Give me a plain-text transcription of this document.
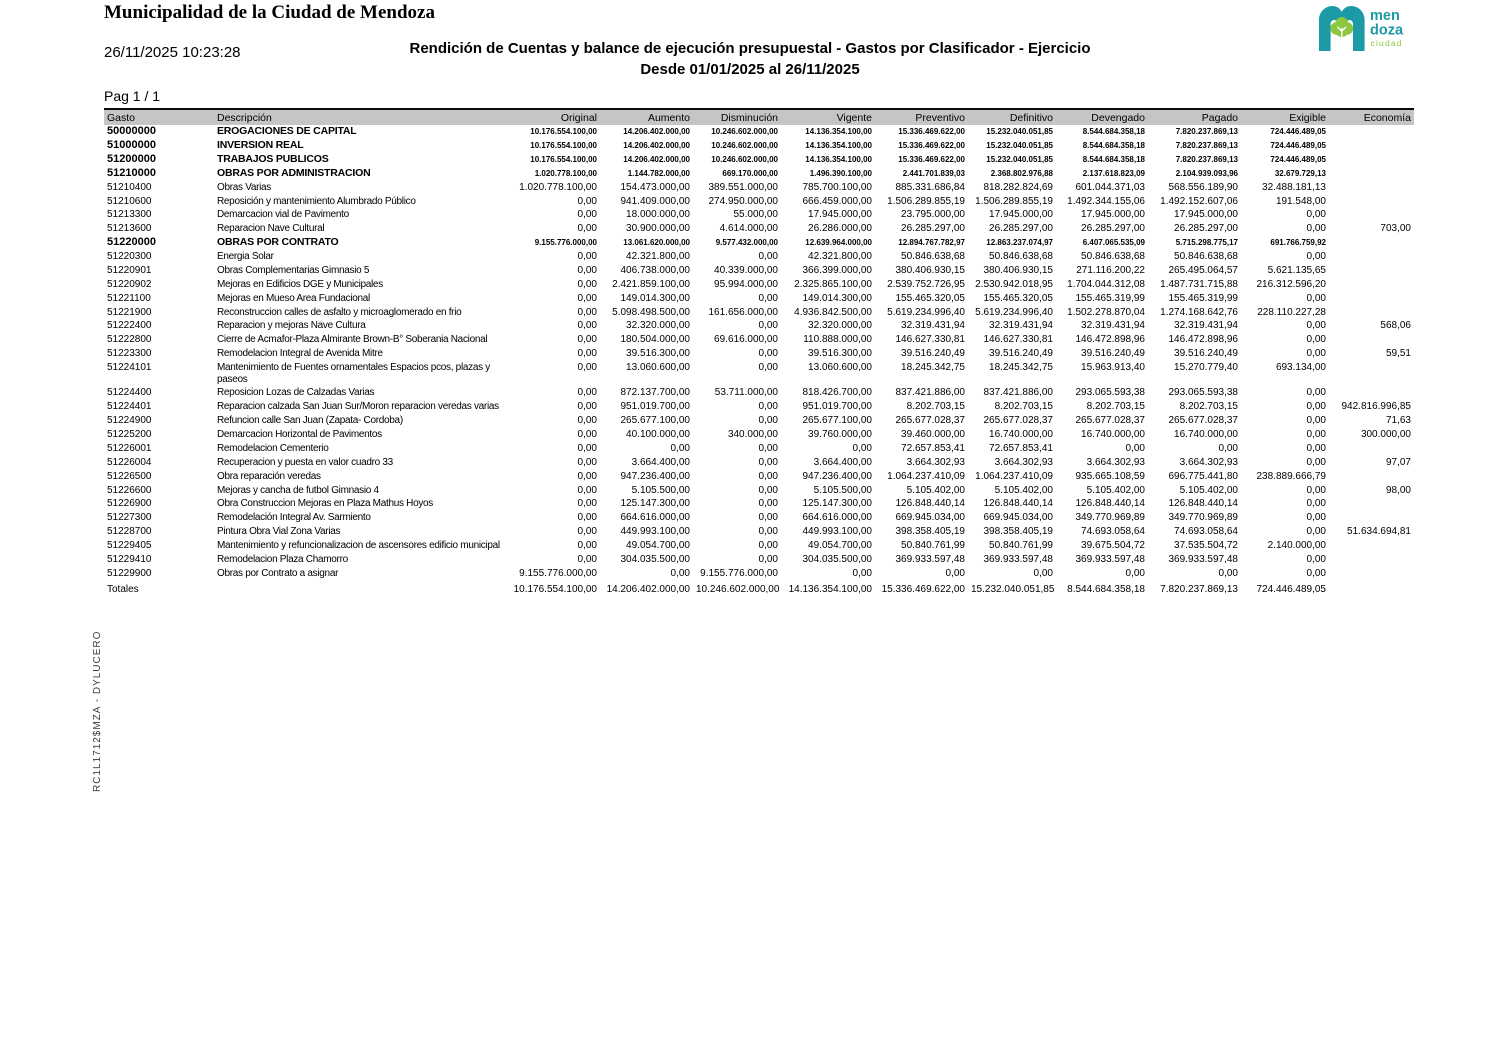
Municipalidad de la Ciudad de Mendoza	men
doza
ciudad
26/11/2025 10:23:28	Rendición de Cuentas y balance de ejecución presupuestal - Gastos por Clasificador - Ejercicio
Desde 01/01/2025 al 26/11/2025
Pag 1 / 1
Gasto	Descripción	Original	Aumento	Disminución	Vigente	Preventivo	Definitivo	Devengado	Pagado	Exigible	Economía
50000000	EROGACIONES DE CAPITAL	10.176.554.100,00	14.206.402.000,00	10.246.602.000,00	14.136.354.100,00	15.336.469.622,00	15.232.040.051,85	8.544.684.358,18	7.820.237.869,13	724.446.489,05	
51000000	INVERSION REAL	10.176.554.100,00	14.206.402.000,00	10.246.602.000,00	14.136.354.100,00	15.336.469.622,00	15.232.040.051,85	8.544.684.358,18	7.820.237.869,13	724.446.489,05	
51200000	TRABAJOS PUBLICOS	10.176.554.100,00	14.206.402.000,00	10.246.602.000,00	14.136.354.100,00	15.336.469.622,00	15.232.040.051,85	8.544.684.358,18	7.820.237.869,13	724.446.489,05	
51210000	OBRAS POR ADMINISTRACION	1.020.778.100,00	1.144.782.000,00	669.170.000,00	1.496.390.100,00	2.441.701.839,03	2.368.802.976,88	2.137.618.823,09	2.104.939.093,96	32.679.729,13	
51210400	Obras Varias	1.020.778.100,00	154.473.000,00	389.551.000,00	785.700.100,00	885.331.686,84	818.282.824,69	601.044.371,03	568.556.189,90	32.488.181,13	
51210600	Reposición y mantenimiento Alumbrado Público	0,00	941.409.000,00	274.950.000,00	666.459.000,00	1.506.289.855,19	1.506.289.855,19	1.492.344.155,06	1.492.152.607,06	191.548,00	
51213300	Demarcacion vial de Pavimento	0,00	18.000.000,00	55.000,00	17.945.000,00	23.795.000,00	17.945.000,00	17.945.000,00	17.945.000,00	0,00	
51213600	Reparacion Nave Cultural	0,00	30.900.000,00	4.614.000,00	26.286.000,00	26.285.297,00	26.285.297,00	26.285.297,00	26.285.297,00	0,00	703,00
51220000	OBRAS POR CONTRATO	9.155.776.000,00	13.061.620.000,00	9.577.432.000,00	12.639.964.000,00	12.894.767.782,97	12.863.237.074,97	6.407.065.535,09	5.715.298.775,17	691.766.759,92	
51220300	Energia Solar	0,00	42.321.800,00	0,00	42.321.800,00	50.846.638,68	50.846.638,68	50.846.638,68	50.846.638,68	0,00	
51220901	Obras Complementarias Gimnasio 5	0,00	406.738.000,00	40.339.000,00	366.399.000,00	380.406.930,15	380.406.930,15	271.116.200,22	265.495.064,57	5.621.135,65	
51220902	Mejoras en Edificios DGE y Municipales	0,00	2.421.859.100,00	95.994.000,00	2.325.865.100,00	2.539.752.726,95	2.530.942.018,95	1.704.044.312,08	1.487.731.715,88	216.312.596,20	
51221100	Mejoras en Mueso Area Fundacional	0,00	149.014.300,00	0,00	149.014.300,00	155.465.320,05	155.465.320,05	155.465.319,99	155.465.319,99	0,00	
51221900	Reconstruccion calles de asfalto y microaglomerado en frio	0,00	5.098.498.500,00	161.656.000,00	4.936.842.500,00	5.619.234.996,40	5.619.234.996,40	1.502.278.870,04	1.274.168.642,76	228.110.227,28	
51222400	Reparacion y mejoras Nave Cultura	0,00	32.320.000,00	0,00	32.320.000,00	32.319.431,94	32.319.431,94	32.319.431,94	32.319.431,94	0,00	568,06
51222800	Cierre de Acmafor-Plaza Almirante Brown-B° Soberania Nacional	0,00	180.504.000,00	69.616.000,00	110.888.000,00	146.627.330,81	146.627.330,81	146.472.898,96	146.472.898,96	0,00	
51223300	Remodelacion Integral de Avenida Mitre	0,00	39.516.300,00	0,00	39.516.300,00	39.516.240,49	39.516.240,49	39.516.240,49	39.516.240,49	0,00	59,51
51224101	Mantenimiento de Fuentes ornamentales Espacios pcos, plazas y paseos	0,00	13.060.600,00	0,00	13.060.600,00	18.245.342,75	18.245.342,75	15.963.913,40	15.270.779,40	693.134,00	
51224400	Reposicion Lozas de Calzadas Varias	0,00	872.137.700,00	53.711.000,00	818.426.700,00	837.421.886,00	837.421.886,00	293.065.593,38	293.065.593,38	0,00	
51224401	Reparacion calzada San Juan Sur/Moron reparacion veredas varias	0,00	951.019.700,00	0,00	951.019.700,00	8.202.703,15	8.202.703,15	8.202.703,15	8.202.703,15	0,00	942.816.996,85
51224900	Refuncion calle San Juan (Zapata- Cordoba)	0,00	265.677.100,00	0,00	265.677.100,00	265.677.028,37	265.677.028,37	265.677.028,37	265.677.028,37	0,00	71,63
51225200	Demarcacion Horizontal de Pavimentos	0,00	40.100.000,00	340.000,00	39.760.000,00	39.460.000,00	16.740.000,00	16.740.000,00	16.740.000,00	0,00	300.000,00
51226001	Remodelacion Cementerio	0,00	0,00	0,00	0,00	72.657.853,41	72.657.853,41	0,00	0,00	0,00	
51226004	Recuperacion y puesta en valor cuadro 33	0,00	3.664.400,00	0,00	3.664.400,00	3.664.302,93	3.664.302,93	3.664.302,93	3.664.302,93	0,00	97,07
51226500	Obra reparación veredas	0,00	947.236.400,00	0,00	947.236.400,00	1.064.237.410,09	1.064.237.410,09	935.665.108,59	696.775.441,80	238.889.666,79	
51226600	Mejoras y cancha de futbol Gimnasio 4	0,00	5.105.500,00	0,00	5.105.500,00	5.105.402,00	5.105.402,00	5.105.402,00	5.105.402,00	0,00	98,00
51226900	Obra Construccion Mejoras en Plaza Mathus Hoyos	0,00	125.147.300,00	0,00	125.147.300,00	126.848.440,14	126.848.440,14	126.848.440,14	126.848.440,14	0,00	
51227300	Remodelación Integral Av. Sarmiento	0,00	664.616.000,00	0,00	664.616.000,00	669.945.034,00	669.945.034,00	349.770.969,89	349.770.969,89	0,00	
51228700	Pintura Obra Vial Zona Varias	0,00	449.993.100,00	0,00	449.993.100,00	398.358.405,19	398.358.405,19	74.693.058,64	74.693.058,64	0,00	51.634.694,81
51229405	Mantenimiento y refuncionalizacion de ascensores edificio municipal	0,00	49.054.700,00	0,00	49.054.700,00	50.840.761,99	50.840.761,99	39.675.504,72	37.535.504,72	2.140.000,00	
51229410	Remodelacion Plaza Chamorro	0,00	304.035.500,00	0,00	304.035.500,00	369.933.597,48	369.933.597,48	369.933.597,48	369.933.597,48	0,00	
51229900	Obras por Contrato a asignar	9.155.776.000,00	0,00	9.155.776.000,00	0,00	0,00	0,00	0,00	0,00	0,00	
Totales		10.176.554.100,00	14.206.402.000,00	10.246.602.000,00	14.136.354.100,00	15.336.469.622,00	15.232.040.051,85	8.544.684.358,18	7.820.237.869,13	724.446.489,05	
RC1L1712$MZA - DYLUCERO
